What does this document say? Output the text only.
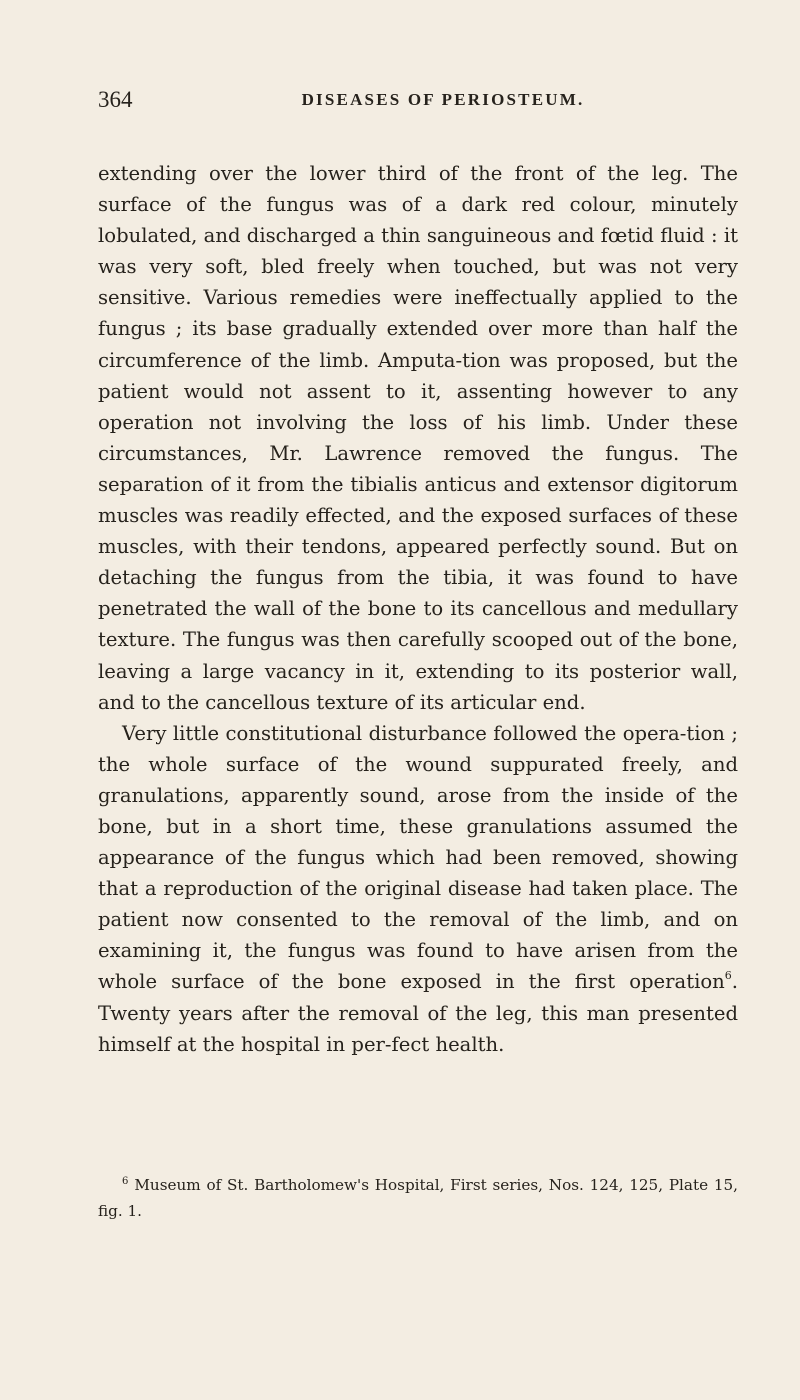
364	DISEASES OF PERIOSTEUM.

extending over the lower third of the front of the leg. The surface of the fungus was of a dark red colour, minutely lobulated, and discharged a thin sanguineous and fœtid fluid : it was very soft, bled freely when touched, but was not very sensitive. Various remedies were ineffectually applied to the fungus ; its base gradually extended over more than half the circumference of the limb. Amputa-tion was proposed, but the patient would not assent to it, assenting however to any operation not involving the loss of his limb. Under these circumstances, Mr. Lawrence removed the fungus. The separation of it from the tibialis anticus and extensor digitorum muscles was readily effected, and the exposed surfaces of these muscles, with their tendons, appeared perfectly sound. But on detaching the fungus from the tibia, it was found to have penetrated the wall of the bone to its cancellous and medullary texture. The fungus was then carefully scooped out of the bone, leaving a large vacancy in it, extending to its posterior wall, and to the cancellous texture of its articular end.

Very little constitutional disturbance followed the opera-tion ; the whole surface of the wound suppurated freely, and granulations, apparently sound, arose from the inside of the bone, but in a short time, these granulations assumed the appearance of the fungus which had been removed, showing that a reproduction of the original disease had taken place. The patient now consented to the removal of the limb, and on examining it, the fungus was found to have arisen from the whole surface of the bone exposed in the first operation$^6$. Twenty years after the removal of the leg, this man presented himself at the hospital in per-fect health.

$^6$ Museum of St. Bartholomew's Hospital, First series, Nos. 124, 125, Plate 15, fig. 1.
